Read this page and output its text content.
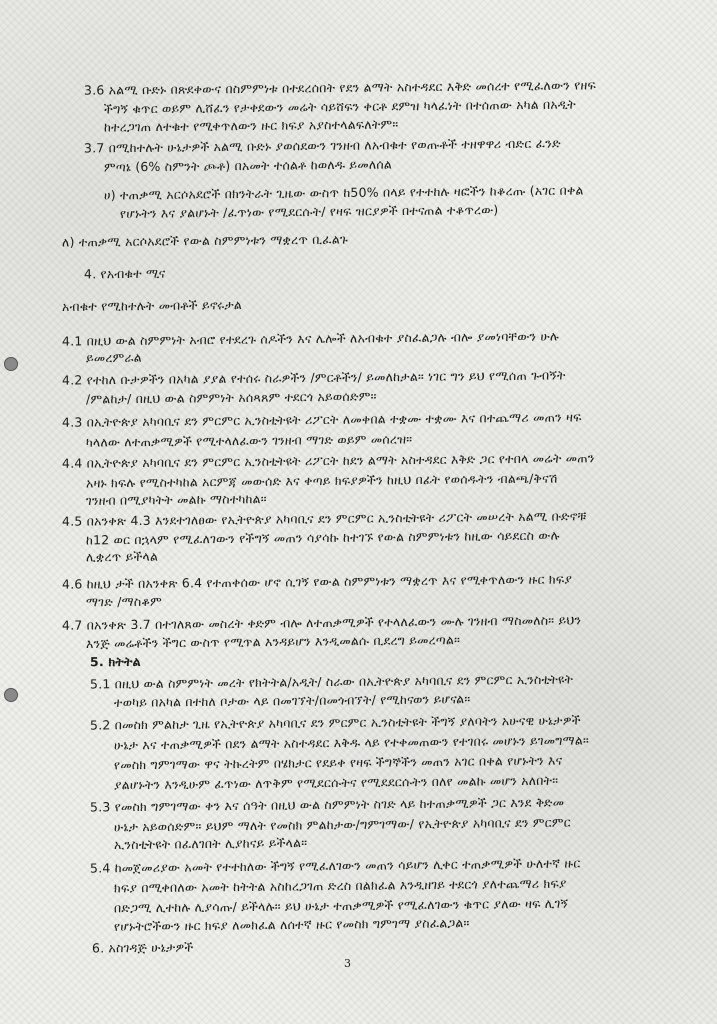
3.6 አልሚ ቡድኑ በጽደቀውና በስምምነቱ በተደረሰበት የደን ልማት አስተዳደር እቅድ መሰረተ የሚፈለውን የዘፍ
ችግኝ ቁጥር ወይም ሊሸፈን የታቀደውን መሬት ሳይሸፍን ቀርቶ ደምዝ ካላፈነት በተሰጠው አካል በአዲት
ከተረጋገጠ ለተቁተ የሚቀጥለውን ዙር ክፍያ አያስተላልፍለትም።
3.7 በሚከተሉት ሁኔታዎች አልሚ ቡድኑ ያወሰደውን ገንዘብ ለአብቁተ የወጡቶች ተዘዋዋሪ ብድር ፈንድ
ምጣኔ (6% ስምንት ጮቶ) በአመት ተሰልቶ ከወለዱ ይመለሰል
ሀ) ተጠቃሚ አርሶአደሮች በክንትራት ጊዜው ውስጥ ከ50% በላይ የተተከሉ ዛፎችን ከቆረጡ (አገር በቀል
የሆኑትን እና ያልሆኑት /ፈጥነው የሚደርሱት/ የዛፍ ዝርያዎች በተናጠል ተቆጥረው)
ለ) ተጠቃሚ አርሶአደሮች የውል ስምምነቱን ማቋረጥ ቢፈልጉ
4. የአብቁተ ሚና
አብቁተ የሚከተሉት መብቶች ይኖሩታል
4.1 በዚህ ውል ስምምነት አብሮ የተደረጉ ሰዶችን እና ሌሎች ለአብቁተ ያስፈልጋሉ ብሎ ያመነባቸውን ሁሉ
ይመረምራል
4.2 የተከለ ቡታዎችን በአካል ያያል የተሰሩ ስራዎችን /ምርቶችን/ ይመለከታል። ነገር ግን ይህ የሚሰጠ ጉብኝት
/ምልከታ/ በዚህ ውል ስምምነት አሰጻጸም ተደርጎ አይወሰድም።
4.3 በኢትዮጵያ አካባቢና ደን ምርምር ኢንስቲትዩት ሪፖርት ለመቀበል ተቋሙ ተቋሙ እና በተጨማሪ መጠን ዛፍ
ካላለው ለተጠቃሚዎች የሚተላለፈውን ገንዘብ ማገድ ወይም መሰረዝ።
4.4 በኢትዮጵያ አካባቢና ደን ምርምር ኢንስቲትዩት ሪፖርት ከደን ልማት አስተዳደር እቅድ ጋር የተበላ መሬት መጠን
አዛኑ ክፍሉ የሚስተካከል አርምጃ መውሰድ እና ቀጣይ ክፍያዎችን ከዚህ በፊት የወሰዱትን ብልጫ/ቅናሽ
ገንዘብ በሚያካትት መልኩ ማስተካከል።
4.5 በአንቀጽ 4.3 እንደተገለፀው የኢትዮጵያ አካባቢና ደን ምርምር ኢንስቲትዩት ሪፖርት መሠረት አልሚ ቡድኖቹ
ከ12 ወር በኋላም የሚፈለገውን የችግኝ መጠን ሳያሳኩ ከተገኙ የውል ስምምነቱን ከዚው ሳይደርስ ውሉ
ሊቋረጥ ይችላል
4.6 ከዚህ ታች በአንቀጽ 6.4 የተጠቀሰው ሆኖ ሲገኝ የውል ስምምነቱን ማቋረጥ እና የሚቀጥለውን ዙር ክፍያ
ማገድ /ማስቆም
4.7 በአንቀጽ 3.7 በተገለጸው መስረት ቀድም ብሎ ለተጠቃሚዎች የተላለፈውን ሙሉ ገንዘብ ማስመለስ። ይህን
እንጅ መሬቶችን ችግር ውስጥ የሚጥል እንዳይሆን እንዲመልሱ ቢደረግ ይመረጣል።
5. ክትትል
5.1 በዚህ ውል ስምምነት መረት የክትትል/አዲት/ ስራው በኢትዮጵያ አካባቢና ደን ምርምር ኢንስቲትዩት
ተወካይ በአካል በተከለ ቦታው ላይ በመገኘት/በመጎብኘት/ የሚከናወን ይሆናል።
5.2 በመስክ ምልከታ ጊዜ የኢትዮጵያ አካባቢና ደን ምርምር ኢንስቲትዩት ችግኝ ያለባትን አሁናዊ ሁኔታዎች
ሁኔታ እና ተጠቃሚዎች በደን ልማት አስተዳደር እቅዱ ላይ የተቀመጠውን የተገበሩ መሆኑን ይገመግማል።
የመስክ ግምገማው ዋና ትኩረትም በሄክታር የደይቀ የዛፍ ችግኞችን መጠን አገር በቀል የሆኑትን እና
ያልሆኑትን እንዲሁም ፈጥነው ለጥቅም የሚደርሱትና የሚደደርሱትን በለየ መልኩ መሆን አለበት።
5.3 የመስክ ግምገማው ቀን እና ሰዓት በዚህ ውል ስምምነት ስገድ ላይ ከተጠቃሚዎች ጋር እንደ ቅድመ
ሁኔታ አይወሰድም። ይህም ማለት የመስክ ምልከታው/ግምገማው/ የኢትዮጵያ አካባቢና ደን ምርምር
ኢንስቲትዩት በፈለገበት ሊያከናይ ይችላል።
5.4 ከመጀመሪያው አመት የተተከለው ችግኝ የሚፈለገውን መጠን ሳይሆን ሊቀር ተጠቃሚዎች ሁለተኛ ዙር
ክፍያ በሚቀበለው አመት ከትትል አስከረጋገጠ ድረስ በልክፈል እንዲዘገይ ተደርጎ ያለተጨማሪ ክፍያ
በድጋሚ ሊተከሉ ሊያሳጡ/ ይችላሉ። ይህ ሁኔታ ተጠቃሚዎች የሚፈለገውን ቁጥር ያለው ዛፍ ሊገኝ
የሆኑትሮችውን ዙር ክፍያ ለመክፈል ለሰተኛ ዙር የመስክ ግምገማ ያስፈልጋል።
6. አስገዳጅ ሁኔታዎች
3
